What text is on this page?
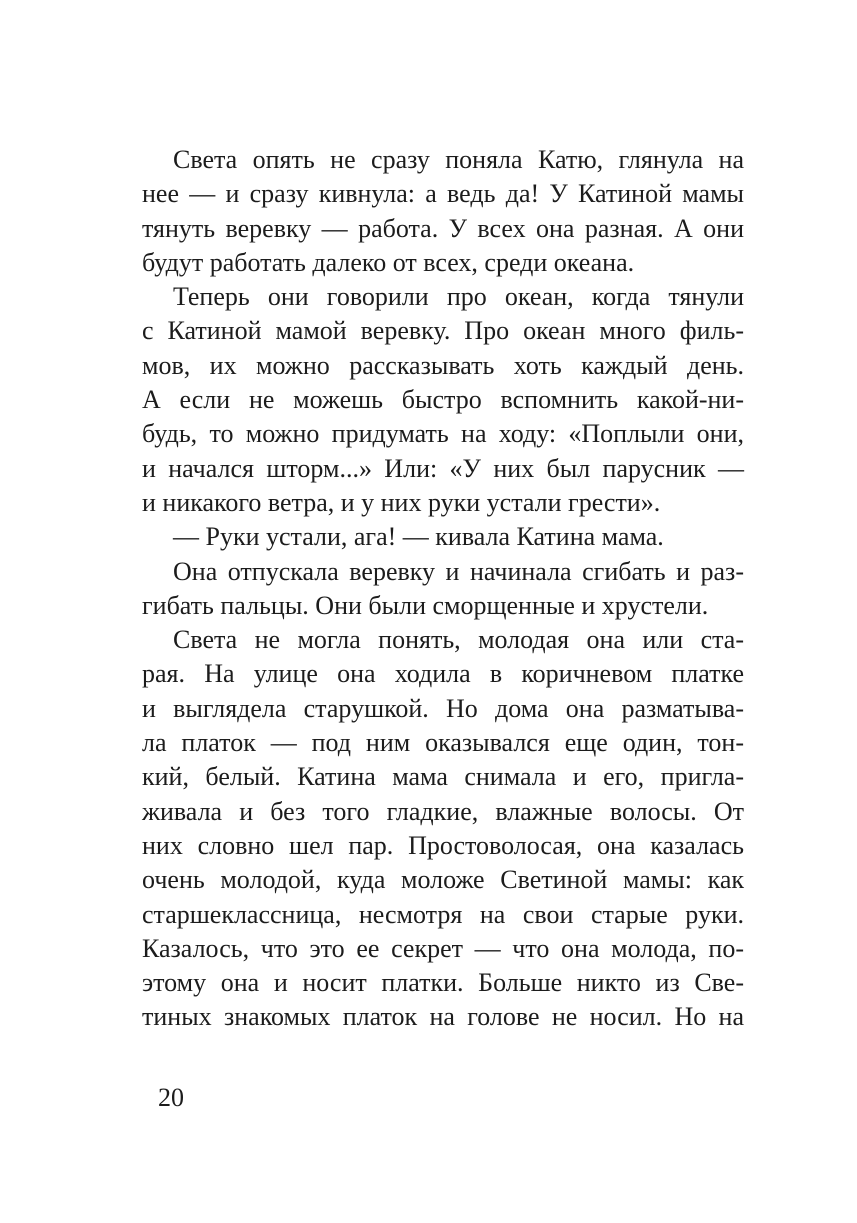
Света опять не сразу поняла Катю, глянула на
нее — и сразу кивнула: а ведь да! У Катиной мамы
тянуть веревку — работа. У всех она разная. А они
будут работать далеко от всех, среди океана.

Теперь они говорили про океан, когда тянули
с Катиной мамой веревку. Про океан много филь-
мов, их можно рассказывать хоть каждый день.
А если не можешь быстро вспомнить какой-ни-
будь, то можно придумать на ходу: «Поплыли они,
и начался шторм...» Или: «У них был парусник —
и никакого ветра, и у них руки устали грести».

— Руки устали, ага! — кивала Катина мама.

Она отпускала веревку и начинала сгибать и раз-
гибать пальцы. Они были сморщенные и хрустели.

Света не могла понять, молодая она или ста-
рая. На улице она ходила в коричневом платке
и выглядела старушкой. Но дома она разматыва-
ла платок — под ним оказывался еще один, тон-
кий, белый. Катина мама снимала и его, пригла-
живала и без того гладкие, влажные волосы. От
них словно шел пар. Простоволосая, она казалась
очень молодой, куда моложе Светиной мамы: как
старшеклассница, несмотря на свои старые руки.
Казалось, что это ее секрет — что она молода, по-
этому она и носит платки. Больше никто из Све-
тиных знакомых платок на голове не носил. Но на

20
